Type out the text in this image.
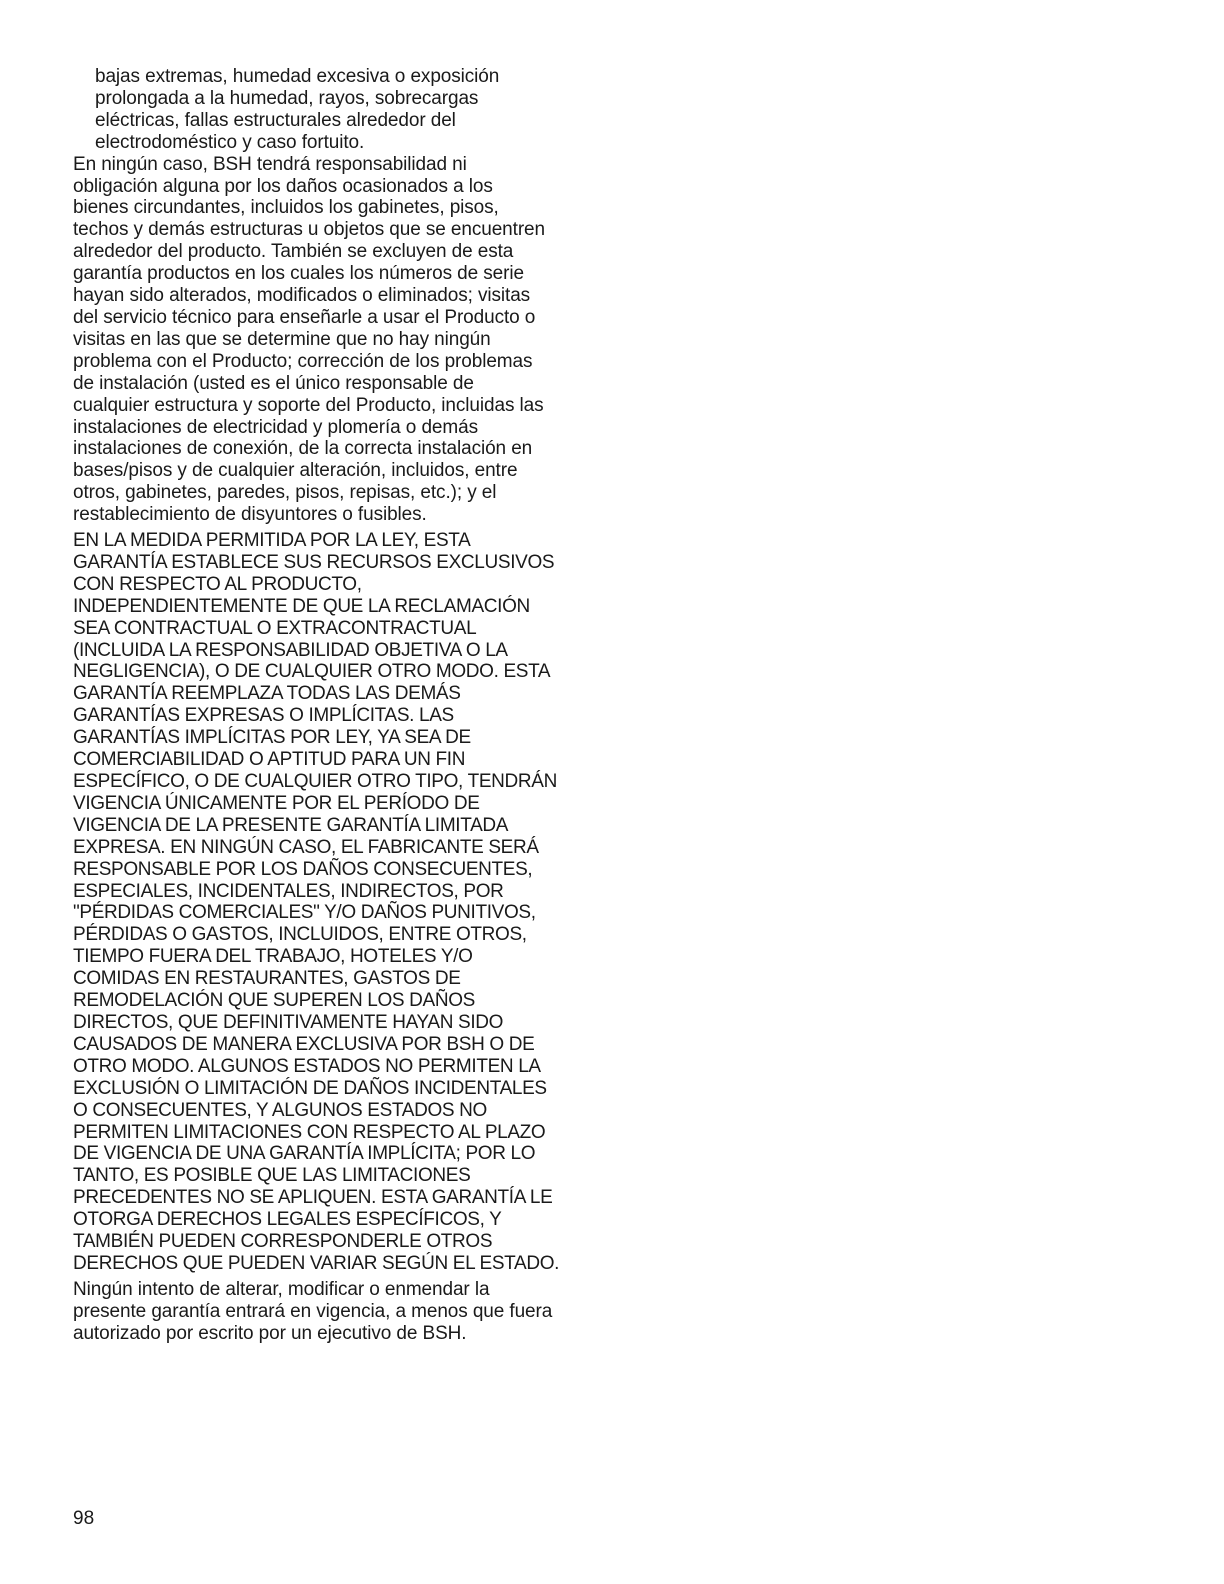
bajas extremas, humedad excesiva o exposición
prolongada a la humedad, rayos, sobrecargas
eléctricas, fallas estructurales alrededor del
electrodoméstico y caso fortuito.
En ningún caso, BSH tendrá responsabilidad ni
obligación alguna por los daños ocasionados a los
bienes circundantes, incluidos los gabinetes, pisos,
techos y demás estructuras u objetos que se encuentren
alrededor del producto. También se excluyen de esta
garantía productos en los cuales los números de serie
hayan sido alterados, modificados o eliminados; visitas
del servicio técnico para enseñarle a usar el Producto o
visitas en las que se determine que no hay ningún
problema con el Producto; corrección de los problemas
de instalación (usted es el único responsable de
cualquier estructura y soporte del Producto, incluidas las
instalaciones de electricidad y plomería o demás
instalaciones de conexión, de la correcta instalación en
bases/pisos y de cualquier alteración, incluidos, entre
otros, gabinetes, paredes, pisos, repisas, etc.); y el
restablecimiento de disyuntores o fusibles.
EN LA MEDIDA PERMITIDA POR LA LEY, ESTA
GARANTÍA ESTABLECE SUS RECURSOS EXCLUSIVOS
CON RESPECTO AL PRODUCTO,
INDEPENDIENTEMENTE DE QUE LA RECLAMACIÓN
SEA CONTRACTUAL O EXTRACONTRACTUAL
(INCLUIDA LA RESPONSABILIDAD OBJETIVA O LA
NEGLIGENCIA), O DE CUALQUIER OTRO MODO. ESTA
GARANTÍA REEMPLAZA TODAS LAS DEMÁS
GARANTÍAS EXPRESAS O IMPLÍCITAS. LAS
GARANTÍAS IMPLÍCITAS POR LEY, YA SEA DE
COMERCIABILIDAD O APTITUD PARA UN FIN
ESPECÍFICO, O DE CUALQUIER OTRO TIPO, TENDRÁN
VIGENCIA ÚNICAMENTE POR EL PERÍODO DE
VIGENCIA DE LA PRESENTE GARANTÍA LIMITADA
EXPRESA. EN NINGÚN CASO, EL FABRICANTE SERÁ
RESPONSABLE POR LOS DAÑOS CONSECUENTES,
ESPECIALES, INCIDENTALES, INDIRECTOS, POR
"PÉRDIDAS COMERCIALES" Y/O DAÑOS PUNITIVOS,
PÉRDIDAS O GASTOS, INCLUIDOS, ENTRE OTROS,
TIEMPO FUERA DEL TRABAJO, HOTELES Y/O
COMIDAS EN RESTAURANTES, GASTOS DE
REMODELACIÓN QUE SUPEREN LOS DAÑOS
DIRECTOS, QUE DEFINITIVAMENTE HAYAN SIDO
CAUSADOS DE MANERA EXCLUSIVA POR BSH O DE
OTRO MODO. ALGUNOS ESTADOS NO PERMITEN LA
EXCLUSIÓN O LIMITACIÓN DE DAÑOS INCIDENTALES
O CONSECUENTES, Y ALGUNOS ESTADOS NO
PERMITEN LIMITACIONES CON RESPECTO AL PLAZO
DE VIGENCIA DE UNA GARANTÍA IMPLÍCITA; POR LO
TANTO, ES POSIBLE QUE LAS LIMITACIONES
PRECEDENTES NO SE APLIQUEN. ESTA GARANTÍA LE
OTORGA DERECHOS LEGALES ESPECÍFICOS, Y
TAMBIÉN PUEDEN CORRESPONDERLE OTROS
DERECHOS QUE PUEDEN VARIAR SEGÚN EL ESTADO.
Ningún intento de alterar, modificar o enmendar la
presente garantía entrará en vigencia, a menos que fuera
autorizado por escrito por un ejecutivo de BSH.
98
